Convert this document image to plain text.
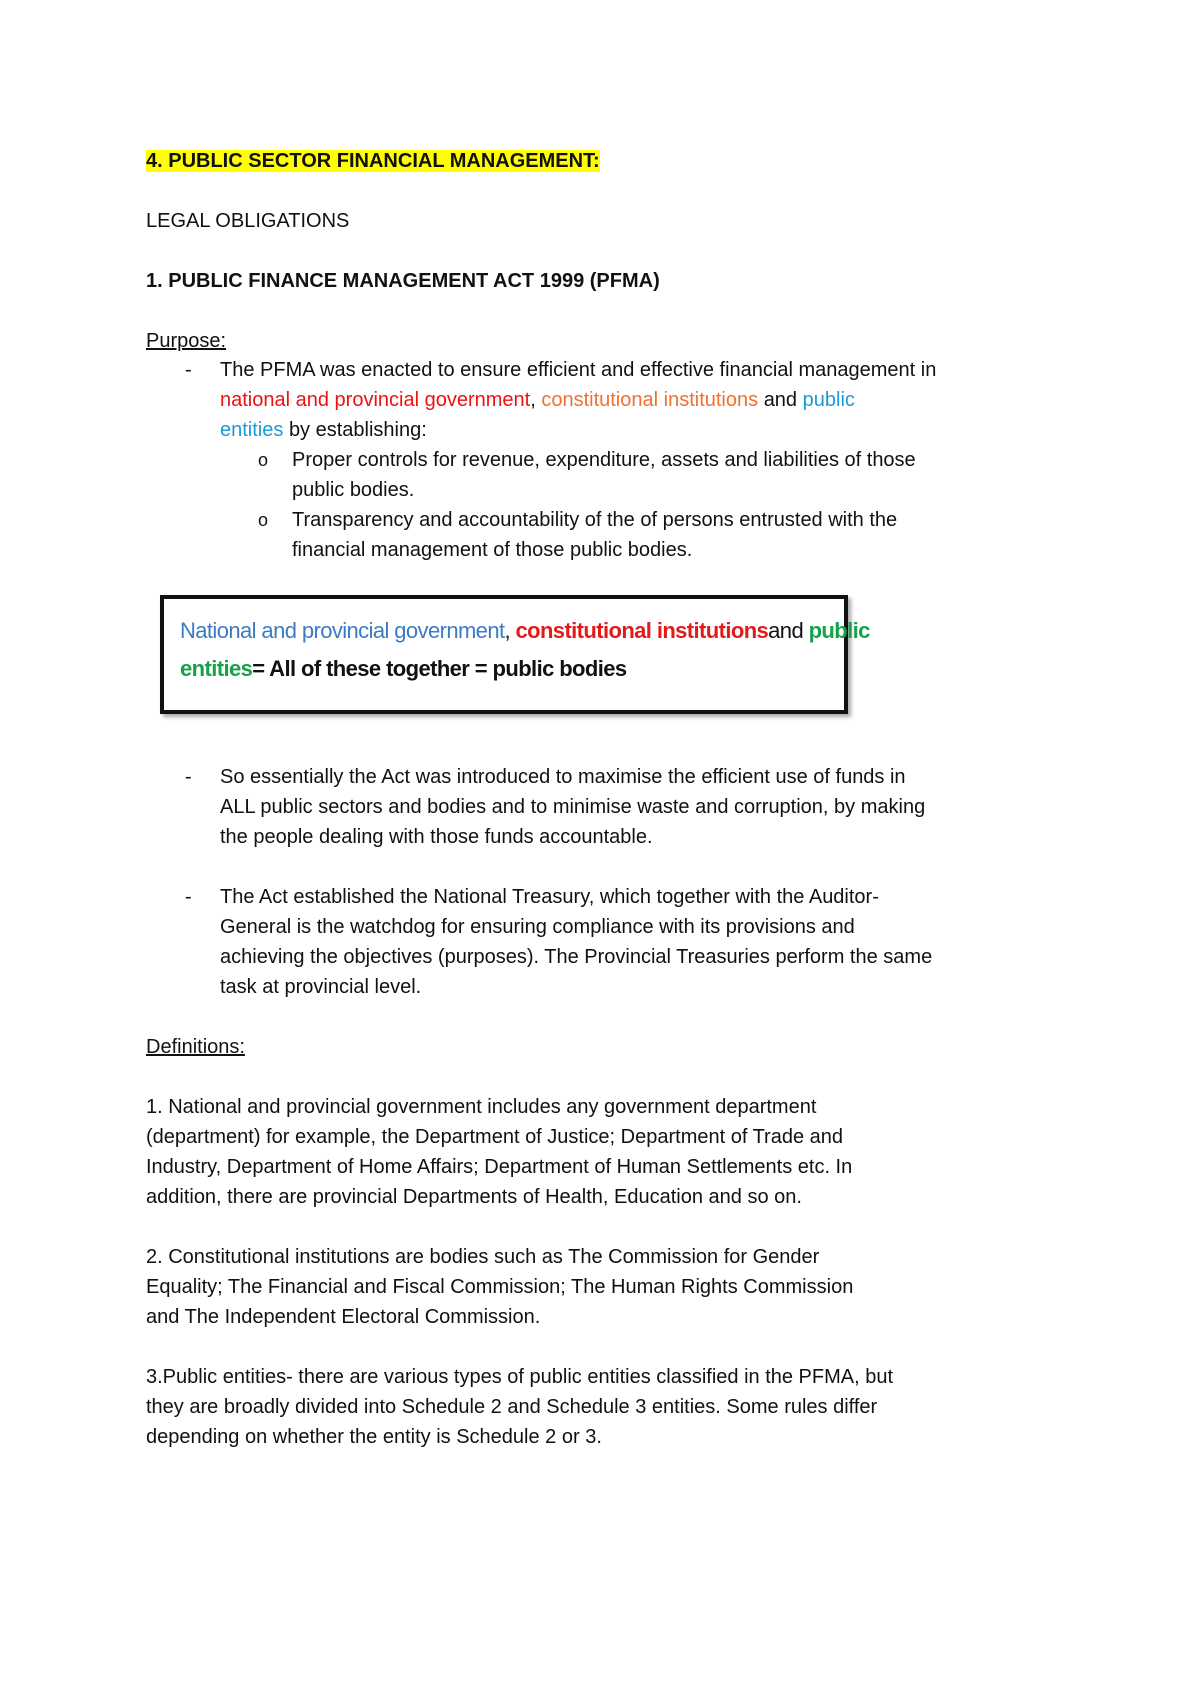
4. PUBLIC SECTOR FINANCIAL MANAGEMENT:
LEGAL OBLIGATIONS
1. PUBLIC FINANCE MANAGEMENT ACT 1999 (PFMA)
Purpose:
- The PFMA was enacted to ensure efficient and effective financial management in
national and provincial government, constitutional institutions and public
entities by establishing:
o Proper controls for revenue, expenditure, assets and liabilities of those
public bodies.
o Transparency and accountability of the of persons entrusted with the
financial management of those public bodies.
National and provincial government, constitutional institutionsand public
entities= All of these together = public bodies
- So essentially the Act was introduced to maximise the efficient use of funds in
ALL public sectors and bodies and to minimise waste and corruption, by making
the people dealing with those funds accountable.
- The Act established the National Treasury, which together with the Auditor-
General is the watchdog for ensuring compliance with its provisions and
achieving the objectives (purposes). The Provincial Treasuries perform the same
task at provincial level.
Definitions:
1. National and provincial government includes any government department
(department) for example, the Department of Justice; Department of Trade and
Industry, Department of Home Affairs; Department of Human Settlements etc. In
addition, there are provincial Departments of Health, Education and so on.
2. Constitutional institutions are bodies such as The Commission for Gender
Equality; The Financial and Fiscal Commission; The Human Rights Commission
and The Independent Electoral Commission.
3.Public entities- there are various types of public entities classified in the PFMA, but
they are broadly divided into Schedule 2 and Schedule 3 entities. Some rules differ
depending on whether the entity is Schedule 2 or 3.
